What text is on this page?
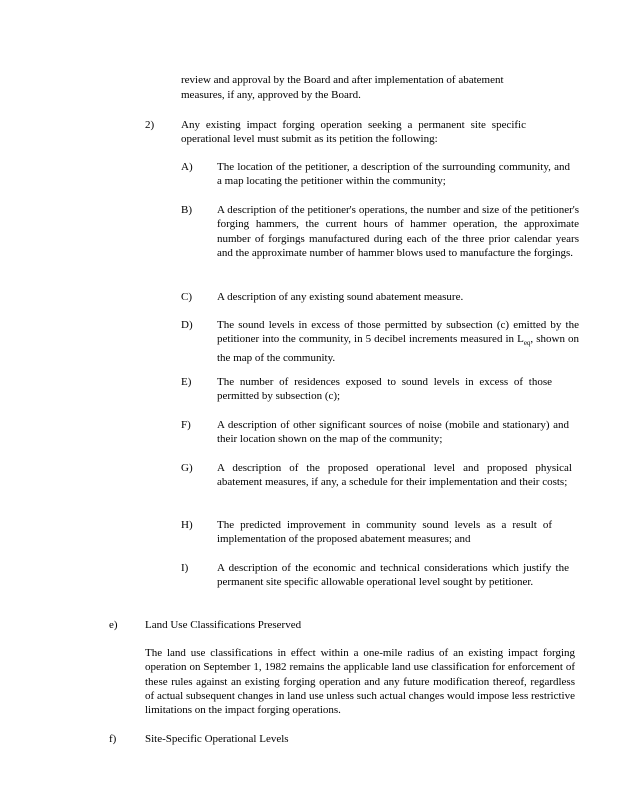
review and approval by the Board and after implementation of abatement
measures, if any, approved by the Board.
2) Any existing impact forging operation seeking a permanent site specific operational level must submit as its petition the following:
A) The location of the petitioner, a description of the surrounding community, and a map locating the petitioner within the community;
B) A description of the petitioner's operations, the number and size of the petitioner's forging hammers, the current hours of hammer operation, the approximate number of forgings manufactured during each of the three prior calendar years and the approximate number of hammer blows used to manufacture the forgings.
C) A description of any existing sound abatement measure.
D) The sound levels in excess of those permitted by subsection (c) emitted by the petitioner into the community, in 5 decibel increments measured in $L_{eq}$, shown on the map of the community.
E) The number of residences exposed to sound levels in excess of those permitted by subsection (c);
F) A description of other significant sources of noise (mobile and stationary) and their location shown on the map of the community;
G) A description of the proposed operational level and proposed physical abatement measures, if any, a schedule for their implementation and their costs;
H) The predicted improvement in community sound levels as a result of implementation of the proposed abatement measures; and
I)	A description of the economic and technical considerations which justify the permanent site specific allowable operational level sought by petitioner.
e) Land Use Classifications Preserved
The land use classifications in effect within a one-mile radius of an existing impact forging operation on September 1, 1982 remains the applicable land use classification for enforcement of these rules against an existing forging operation and any future modification thereof, regardless of actual subsequent changes in land use unless such actual changes would impose less restrictive limitations on the impact forging operations.
f)	Site-Specific Operational Levels
